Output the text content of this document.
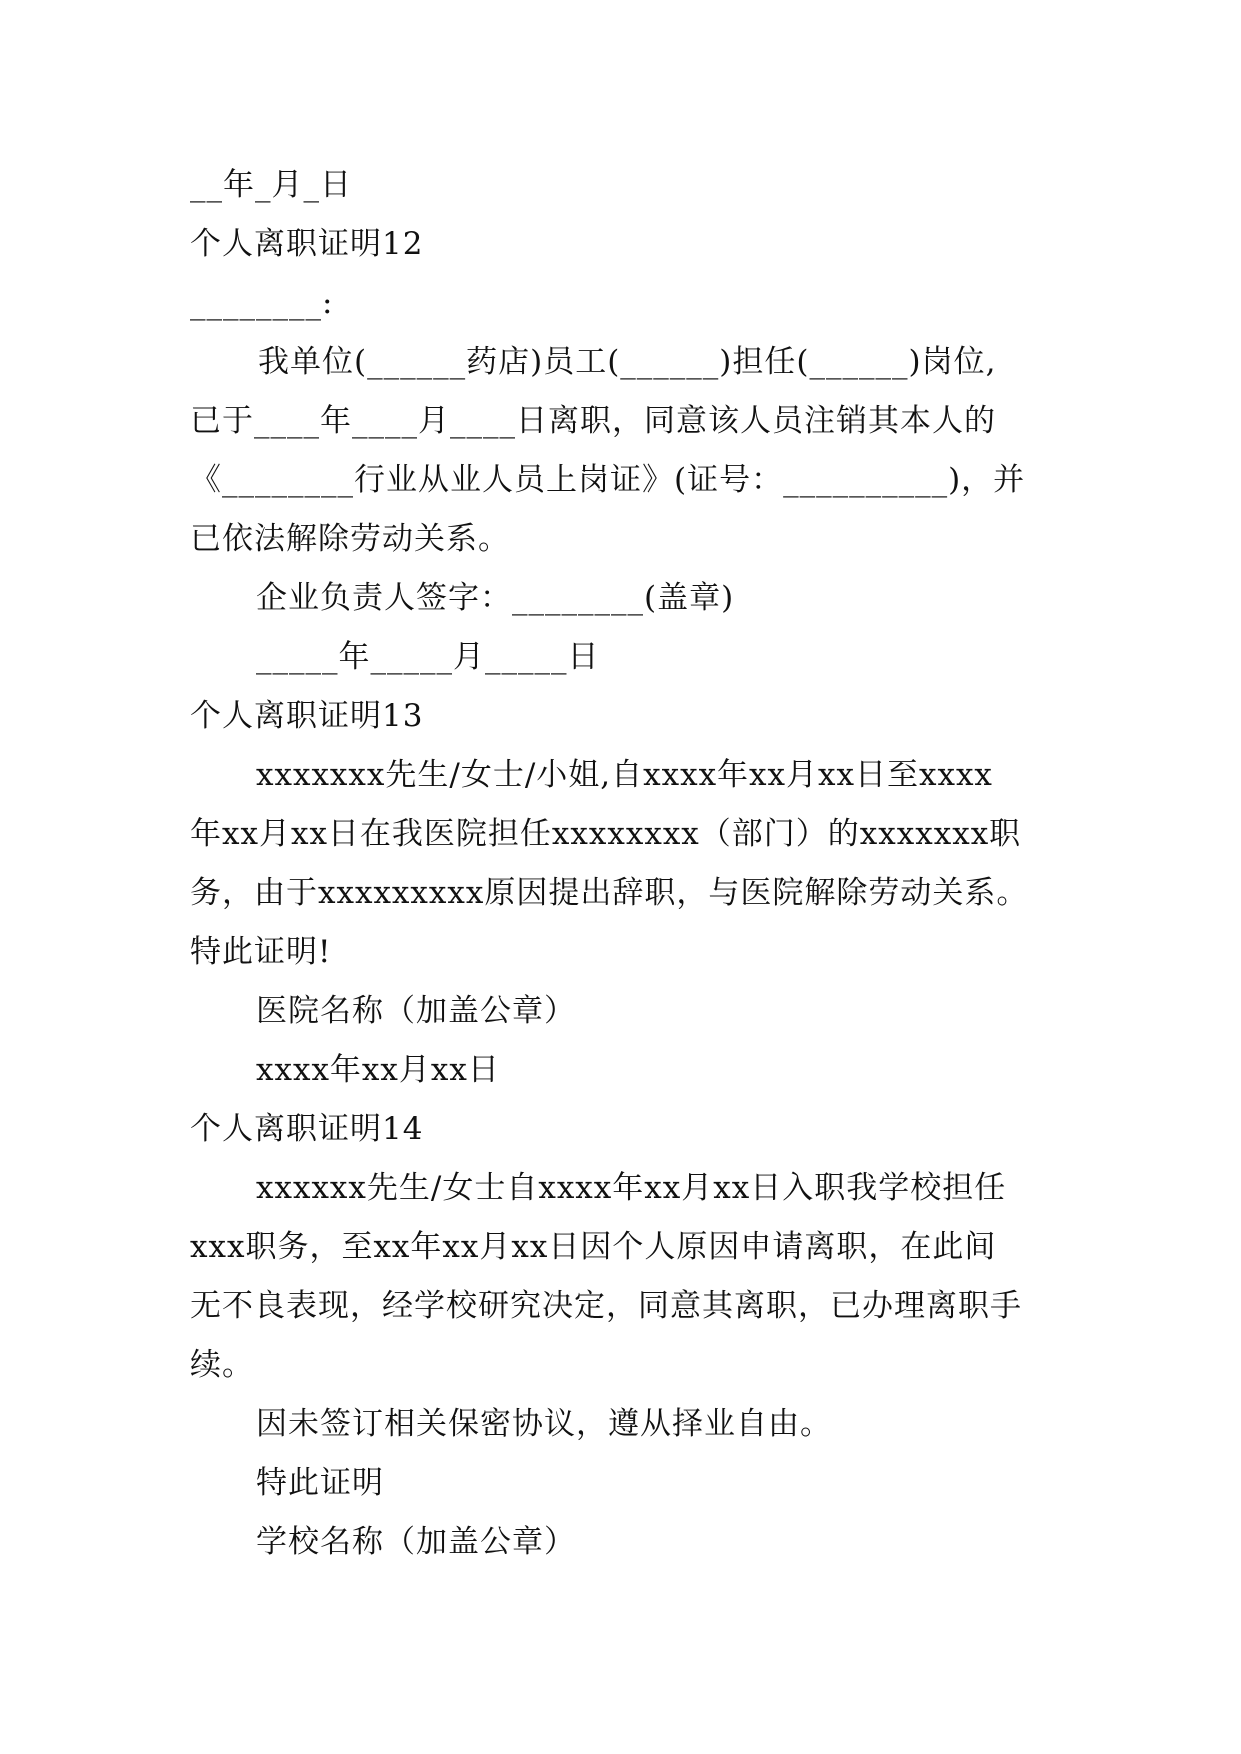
__年_月_日
个人离职证明12
________:
我单位(______药店)员工(______)担任(______)岗位,
已于____年____月____日离职，同意该人员注销其本人的
《________行业从业人员上岗证》(证号：__________)，并
已依法解除劳动关系。
企业负责人签字：________(盖章)
_____年_____月_____日
个人离职证明13
xxxxxxx先生/女士/小姐,自xxxx年xx月xx日至xxxx
年xx月xx日在我医院担任xxxxxxxx（部门）的xxxxxxx职
务，由于xxxxxxxxx原因提出辞职，与医院解除劳动关系。
特此证明!
医院名称（加盖公章）
xxxx年xx月xx日
个人离职证明14
xxxxxx先生/女士自xxxx年xx月xx日入职我学校担任
xxx职务，至xx年xx月xx日因个人原因申请离职，在此间
无不良表现，经学校研究决定，同意其离职，已办理离职手
续。
因未签订相关保密协议，遵从择业自由。
特此证明
学校名称（加盖公章）
